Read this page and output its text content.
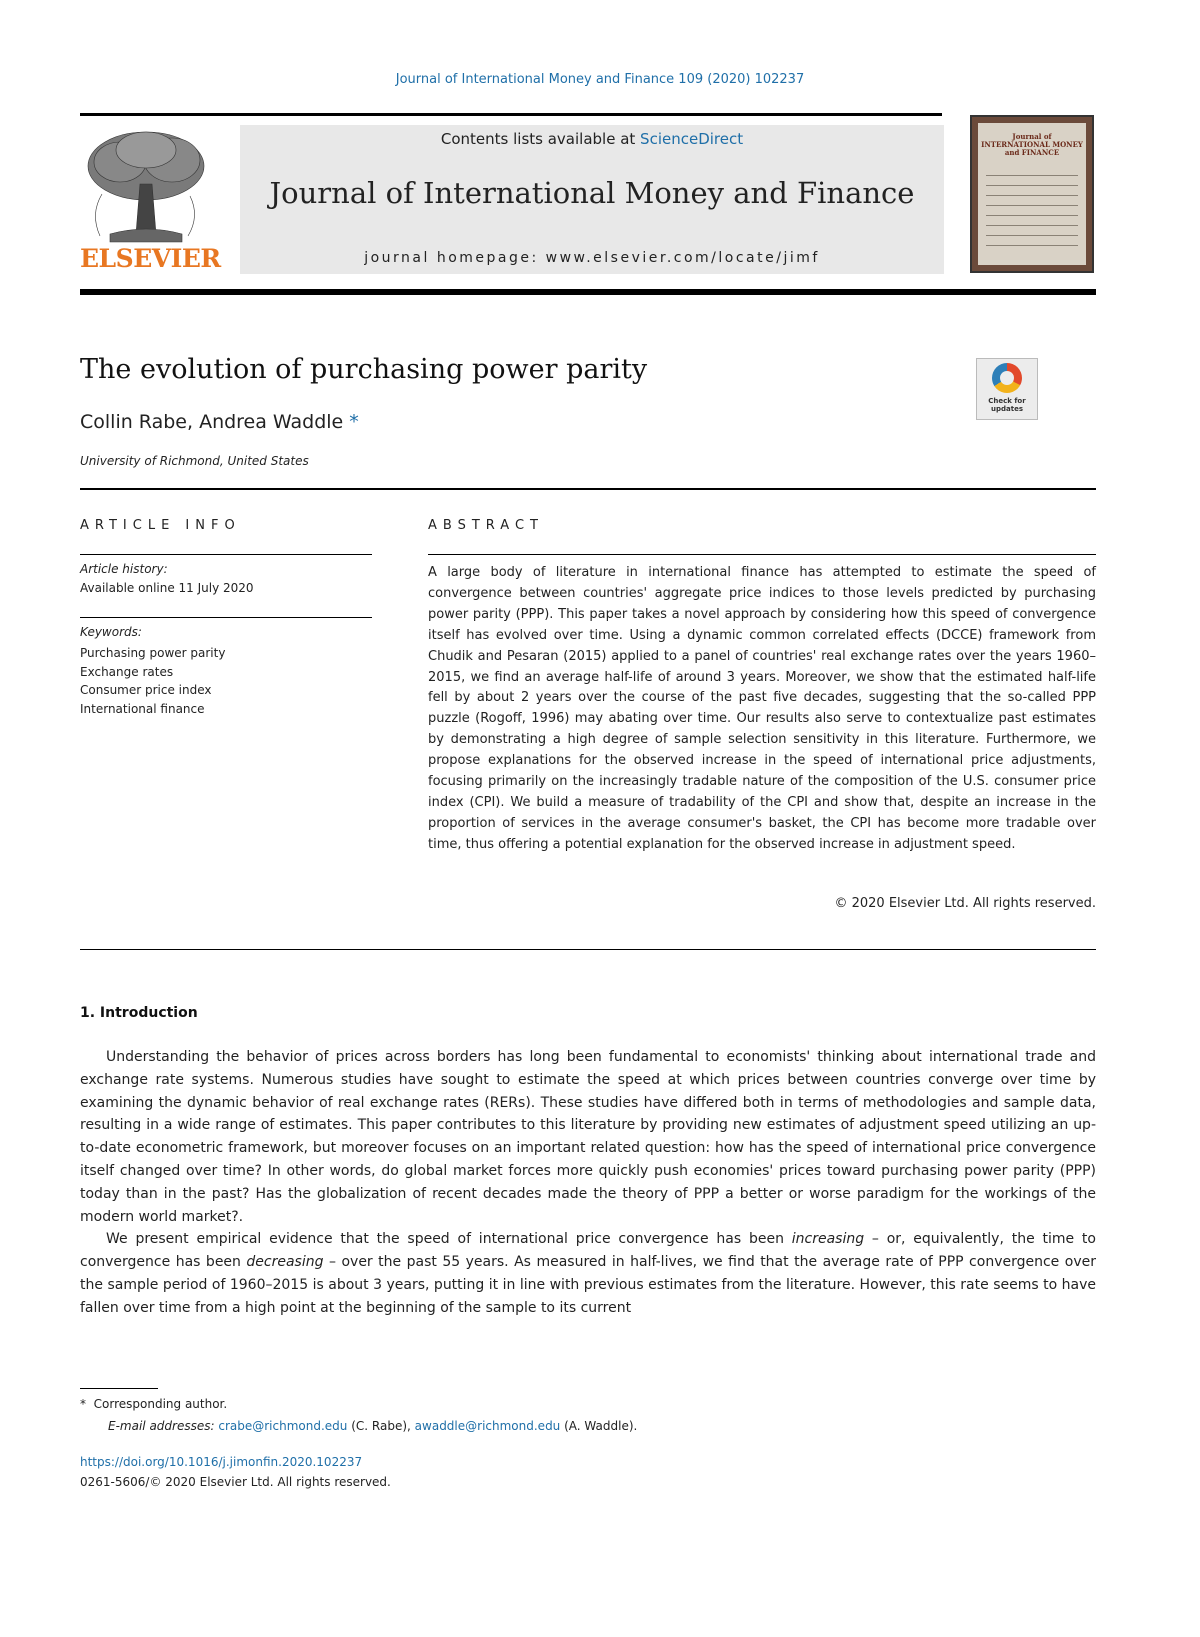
Journal of International Money and Finance 109 (2020) 102237
ELSEVIER
Contents lists available at ScienceDirect
Journal of International Money and Finance
journal homepage: www.elsevier.com/locate/jimf
Journal of INTERNATIONAL MONEY and FINANCE
The evolution of purchasing power parity
Collin Rabe, Andrea Waddle *
University of Richmond, United States
Check for updates
ARTICLE INFO
Article history:
Available online 11 July 2020
Keywords:
Purchasing power parity
Exchange rates
Consumer price index
International finance
ABSTRACT
A large body of literature in international finance has attempted to estimate the speed of convergence between countries' aggregate price indices to those levels predicted by purchasing power parity (PPP). This paper takes a novel approach by considering how this speed of convergence itself has evolved over time. Using a dynamic common correlated effects (DCCE) framework from Chudik and Pesaran (2015) applied to a panel of countries' real exchange rates over the years 1960–2015, we find an average half-life of around 3 years. Moreover, we show that the estimated half-life fell by about 2 years over the course of the past five decades, suggesting that the so-called PPP puzzle (Rogoff, 1996) may abating over time. Our results also serve to contextualize past estimates by demonstrating a high degree of sample selection sensitivity in this literature. Furthermore, we propose explanations for the observed increase in the speed of international price adjustments, focusing primarily on the increasingly tradable nature of the composition of the U.S. consumer price index (CPI). We build a measure of tradability of the CPI and show that, despite an increase in the proportion of services in the average consumer's basket, the CPI has become more tradable over time, thus offering a potential explanation for the observed increase in adjustment speed.
© 2020 Elsevier Ltd. All rights reserved.
1. Introduction

Understanding the behavior of prices across borders has long been fundamental to economists' thinking about international trade and exchange rate systems. Numerous studies have sought to estimate the speed at which prices between countries converge over time by examining the dynamic behavior of real exchange rates (RERs). These studies have differed both in terms of methodologies and sample data, resulting in a wide range of estimates. This paper contributes to this literature by providing new estimates of adjustment speed utilizing an up-to-date econometric framework, but moreover focuses on an important related question: how has the speed of international price convergence itself changed over time? In other words, do global market forces more quickly push economies' prices toward purchasing power parity (PPP) today than in the past? Has the globalization of recent decades made the theory of PPP a better or worse paradigm for the workings of the modern world market?.

We present empirical evidence that the speed of international price convergence has been increasing – or, equivalently, the time to convergence has been decreasing – over the past 55 years. As measured in half-lives, we find that the average rate of PPP convergence over the sample period of 1960–2015 is about 3 years, putting it in line with previous estimates from the literature. However, this rate seems to have fallen over time from a high point at the beginning of the sample to its current

* Corresponding author.
E-mail addresses: crabe@richmond.edu (C. Rabe), awaddle@richmond.edu (A. Waddle).
https://doi.org/10.1016/j.jimonfin.2020.102237
0261-5606/© 2020 Elsevier Ltd. All rights reserved.
